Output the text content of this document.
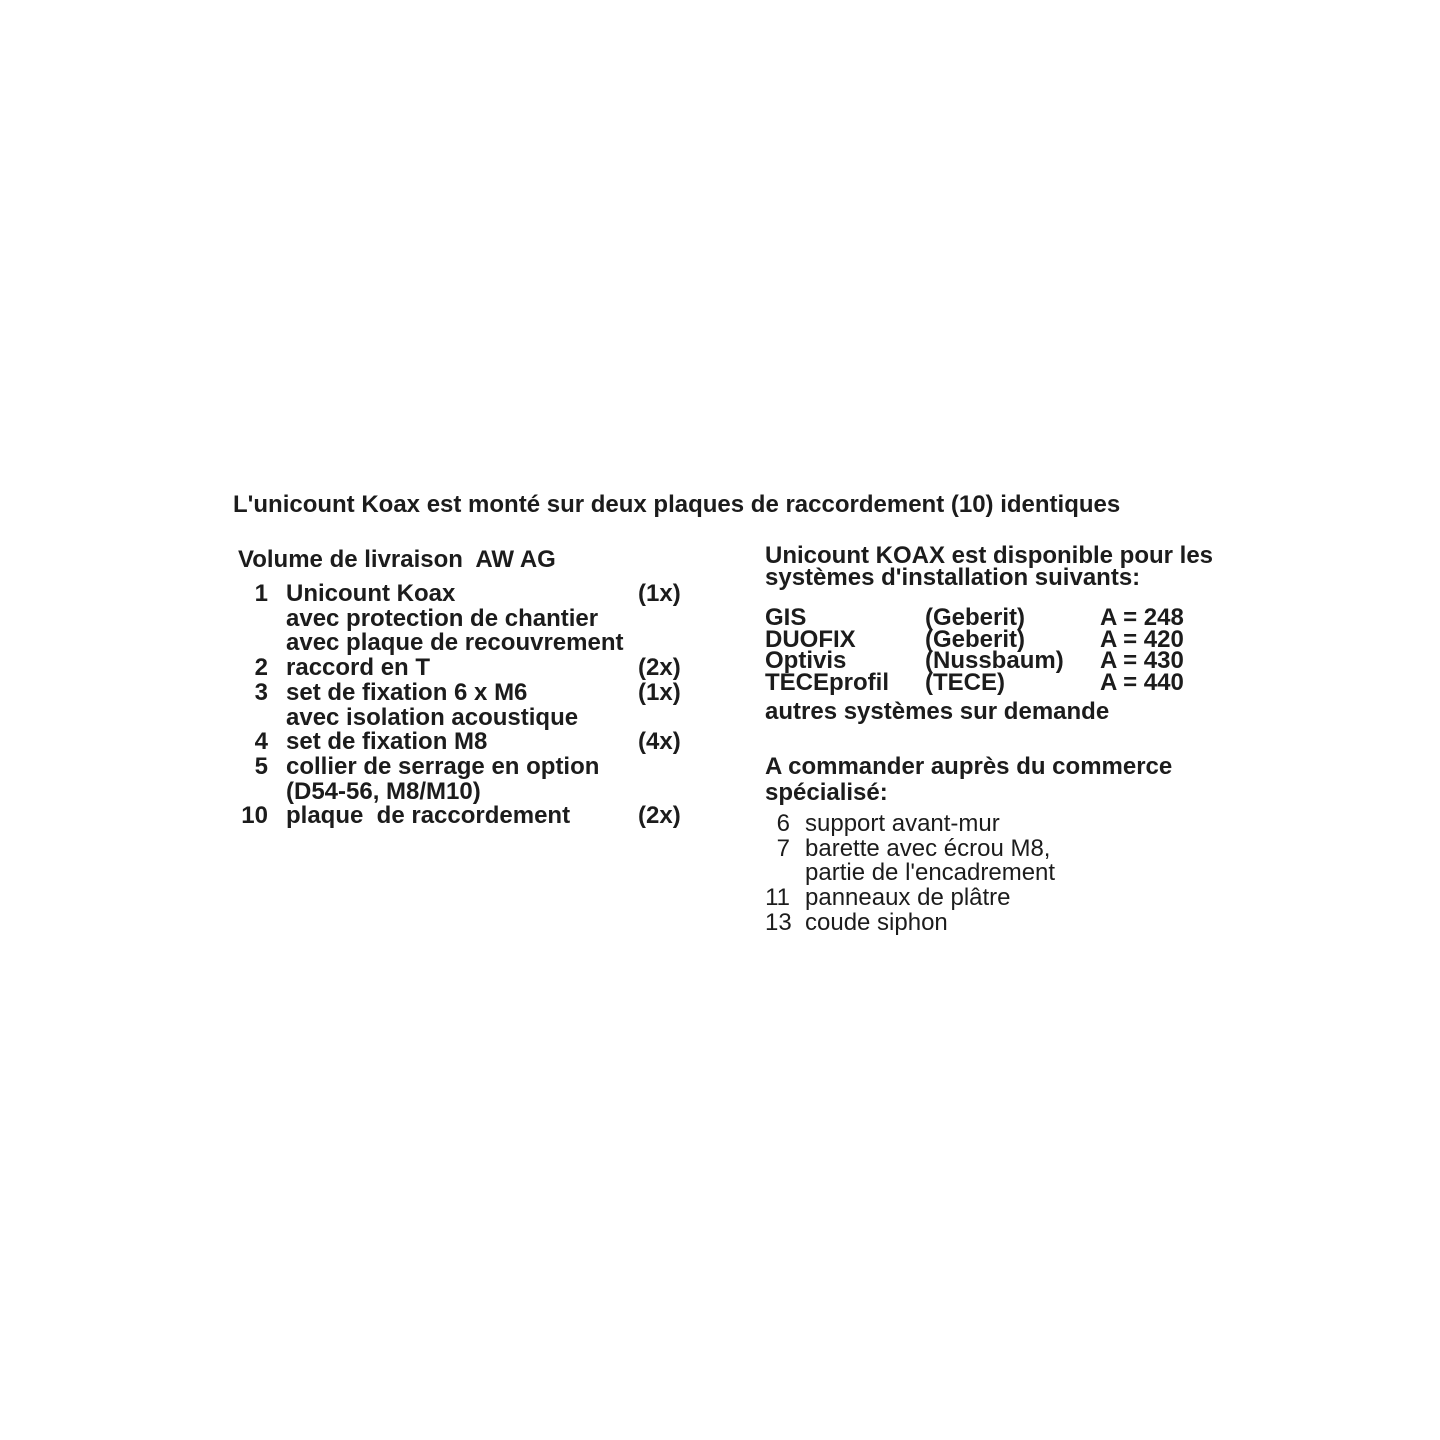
L'unicount Koax est monté sur deux plaques de raccordement (10) identiques
Volume de livraison  AW AG
1 Unicount Koax	(1x)
avec protection de chantier
avec plaque de recouvrement
2 raccord en T	(2x)
3 set de fixation 6 x M6	(1x)
avec isolation acoustique
4 set de fixation M8	(4x)
5 collier de serrage en option
(D54-56, M8/M10)
10 plaque  de raccordement	(2x)
Unicount KOAX est disponible pour les
systèmes d'installation suivants:
GIS	(Geberit)	A = 248
DUOFIX	(Geberit)	A = 420
Optivis	(Nussbaum)	A = 430
TECEprofil	(TECE)	A = 440
autres systèmes sur demande
A commander auprès du commerce
spécialisé:
6 support avant-mur
7 barette avec écrou M8,
partie de l'encadrement
11 panneaux de plâtre
13 coude siphon
